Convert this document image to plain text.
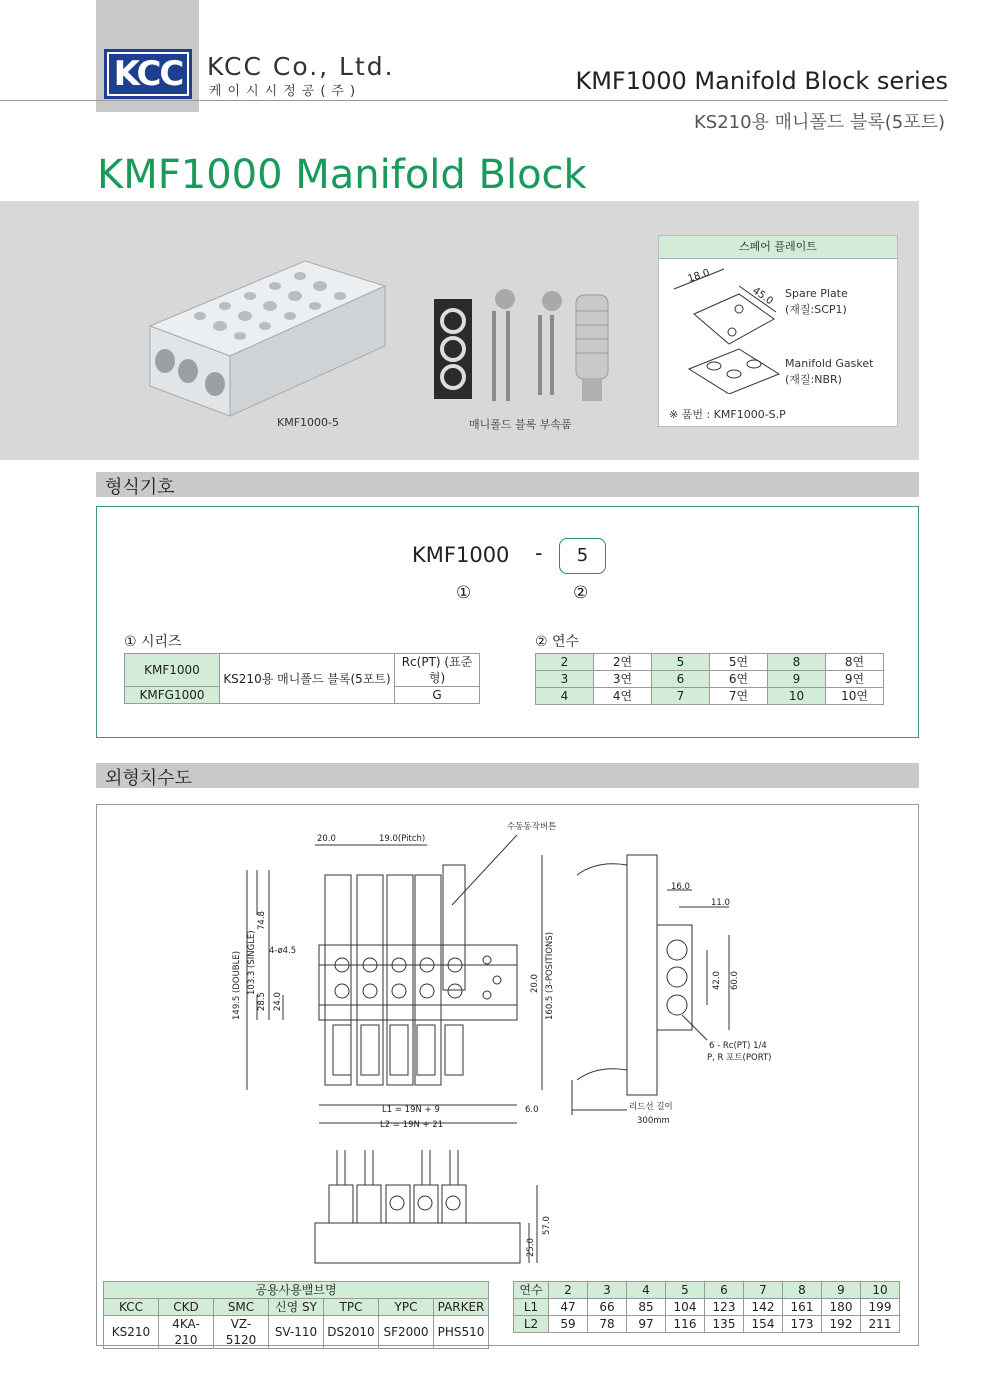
KCC KCC Co., Ltd.
케이시시정공(주)	KMF1000 Manifold Block series
KS210용 매니폴드 블록(5포트)
KMF1000 Manifold Block
KMF1000-5	매니폴드 블록 부속품
스페어 플레이트
18.0
45.0 Spare Plate
(재질:SCP1)
Manifold Gasket
(재질:NBR)
※ 품번 : KMF1000-S.P
형식기호
KMF1000 -	5
①	②
① 시리즈
KMF1000	KS210용 매니폴드 블록(5포트)	Rc(PT) (표준형)
KMFG1000		G
② 연수
2	2연	5	5연	8	8연
3	3연	6	6연	9	9연
4	4연	7	7연	10	10연
외형치수도
20.0	19.0(Pitch)
수동동작버튼
4-ø4.5
149.5 (DOUBLE) 103.3 (SINGLE)
74.8
28.5 24.0
20.0 160.5 (3-POSITIONS)
L1 = 19N + 9
L2 = 19N + 21
6.0
16.0
11.0
42.0 60.0
6 - Rc(PT) 1/4
P, R 포트(PORT)
리드선 길이
300mm
57.0
25.0
공용사용밸브명						
KCC	CKD	SMC	신영 SY	TPC	YPC	PARKER
KS210	4KA-210	VZ-5120	SV-110	DS2010	SF2000	PHS510
연수	2	3	4	5	6	7	8	9	10
L1	47	66	85	104	123	142	161	180	199
L2	59	78	97	116	135	154	173	192	211
